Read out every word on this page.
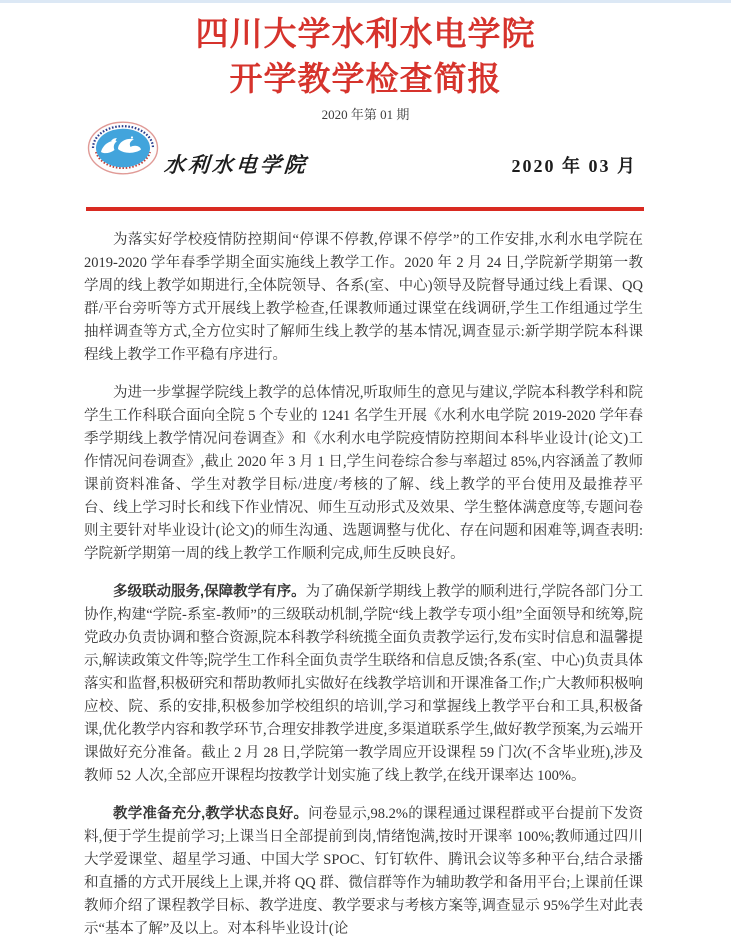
四川大学水利水电学院
开学教学检查简报
2020 年第 01 期
水利水电学院	2020 年 03 月

为落实好学校疫情防控期间“停课不停教,停课不停学”的工作安排,水利水电学院在 2019-2020 学年春季学期全面实施线上教学工作。2020 年 2 月 24 日,学院新学期第一教学周的线上教学如期进行,全体院领导、各系(室、中心)领导及院督导通过线上看课、QQ 群/平台旁听等方式开展线上教学检查,任课教师通过课堂在线调研,学生工作组通过学生抽样调查等方式,全方位实时了解师生线上教学的基本情况,调查显示:新学期学院本科课程线上教学工作平稳有序进行。

为进一步掌握学院线上教学的总体情况,听取师生的意见与建议,学院本科教学科和院学生工作科联合面向全院 5 个专业的 1241 名学生开展《水利水电学院 2019-2020 学年春季学期线上教学情况问卷调查》和《水利水电学院疫情防控期间本科毕业设计(论文)工作情况问卷调查》,截止 2020 年 3 月 1 日,学生问卷综合参与率超过 85%,内容涵盖了教师课前资料准备、学生对教学目标/进度/考核的了解、线上教学的平台使用及最推荐平台、线上学习时长和线下作业情况、师生互动形式及效果、学生整体满意度等,专题问卷则主要针对毕业设计(论文)的师生沟通、选题调整与优化、存在问题和困难等,调查表明:学院新学期第一周的线上教学工作顺利完成,师生反映良好。

多级联动服务,保障教学有序。为了确保新学期线上教学的顺利进行,学院各部门分工协作,构建“学院-系室-教师”的三级联动机制,学院“线上教学专项小组”全面领导和统筹,院党政办负责协调和整合资源,院本科教学科统揽全面负责教学运行,发布实时信息和温馨提示,解读政策文件等;院学生工作科全面负责学生联络和信息反馈;各系(室、中心)负责具体落实和监督,积极研究和帮助教师扎实做好在线教学培训和开课准备工作;广大教师积极响应校、院、系的安排,积极参加学校组织的培训,学习和掌握线上教学平台和工具,积极备课,优化教学内容和教学环节,合理安排教学进度,多渠道联系学生,做好教学预案,为云端开课做好充分准备。截止 2 月 28 日,学院第一教学周应开设课程 59 门次(不含毕业班),涉及教师 52 人次,全部应开课程均按教学计划实施了线上教学,在线开课率达 100%。

教学准备充分,教学状态良好。问卷显示,98.2%的课程通过课程群或平台提前下发资料,便于学生提前学习;上课当日全部提前到岗,情绪饱满,按时开课率 100%;教师通过四川大学爱课堂、超星学习通、中国大学 SPOC、钉钉软件、腾讯会议等多种平台,结合录播和直播的方式开展线上上课,并将 QQ 群、微信群等作为辅助教学和备用平台;上课前任课教师介绍了课程教学目标、教学进度、教学要求与考核方案等,调查显示 95%学生对此表示“基本了解”及以上。对本科毕业设计(论
